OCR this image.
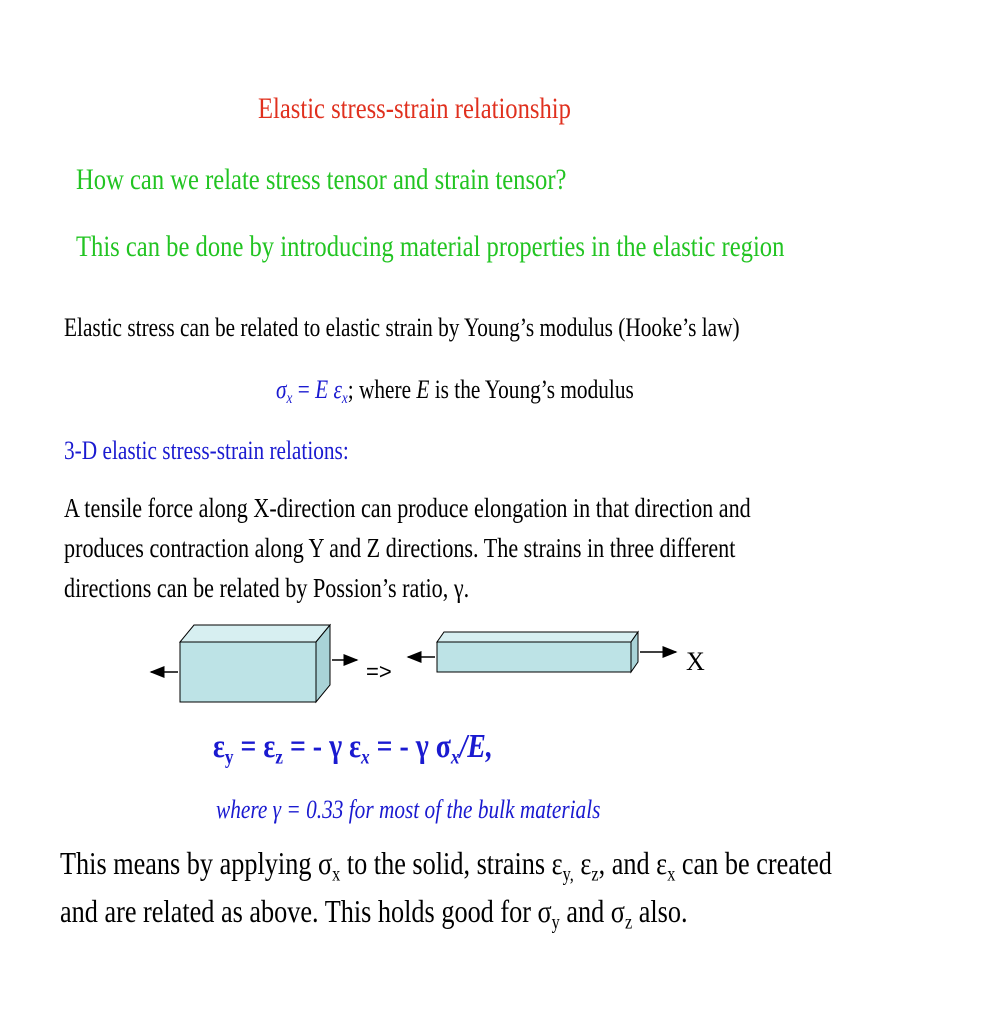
Elastic stress-strain relationship
How can we relate stress tensor and strain tensor?
This can be done by introducing material properties in the elastic region
Elastic stress can be related to elastic strain by Young’s modulus (Hooke’s law)
$\sigma_x = E$ $\varepsilon_x$; where E is the Young’s modulus
3-D elastic stress-strain relations:
A tensile force along X-direction can produce elongation in that direction and
produces contraction along Y and Z directions. The strains in three different
directions can be related by Possion’s ratio, γ.
=>	X
$\varepsilon_y = \varepsilon_z$ = - γ $\varepsilon_x$ = - γ $\sigma_x/E$,
where γ = 0.33 for most of the bulk materials
This means by applying $\sigma_x$ to the solid, strains $\varepsilon_{y,}$ $\varepsilon_z$, and $\varepsilon_x$ can be created
and are related as above. This holds good for $\sigma_y$ and $\sigma_z$ also.
